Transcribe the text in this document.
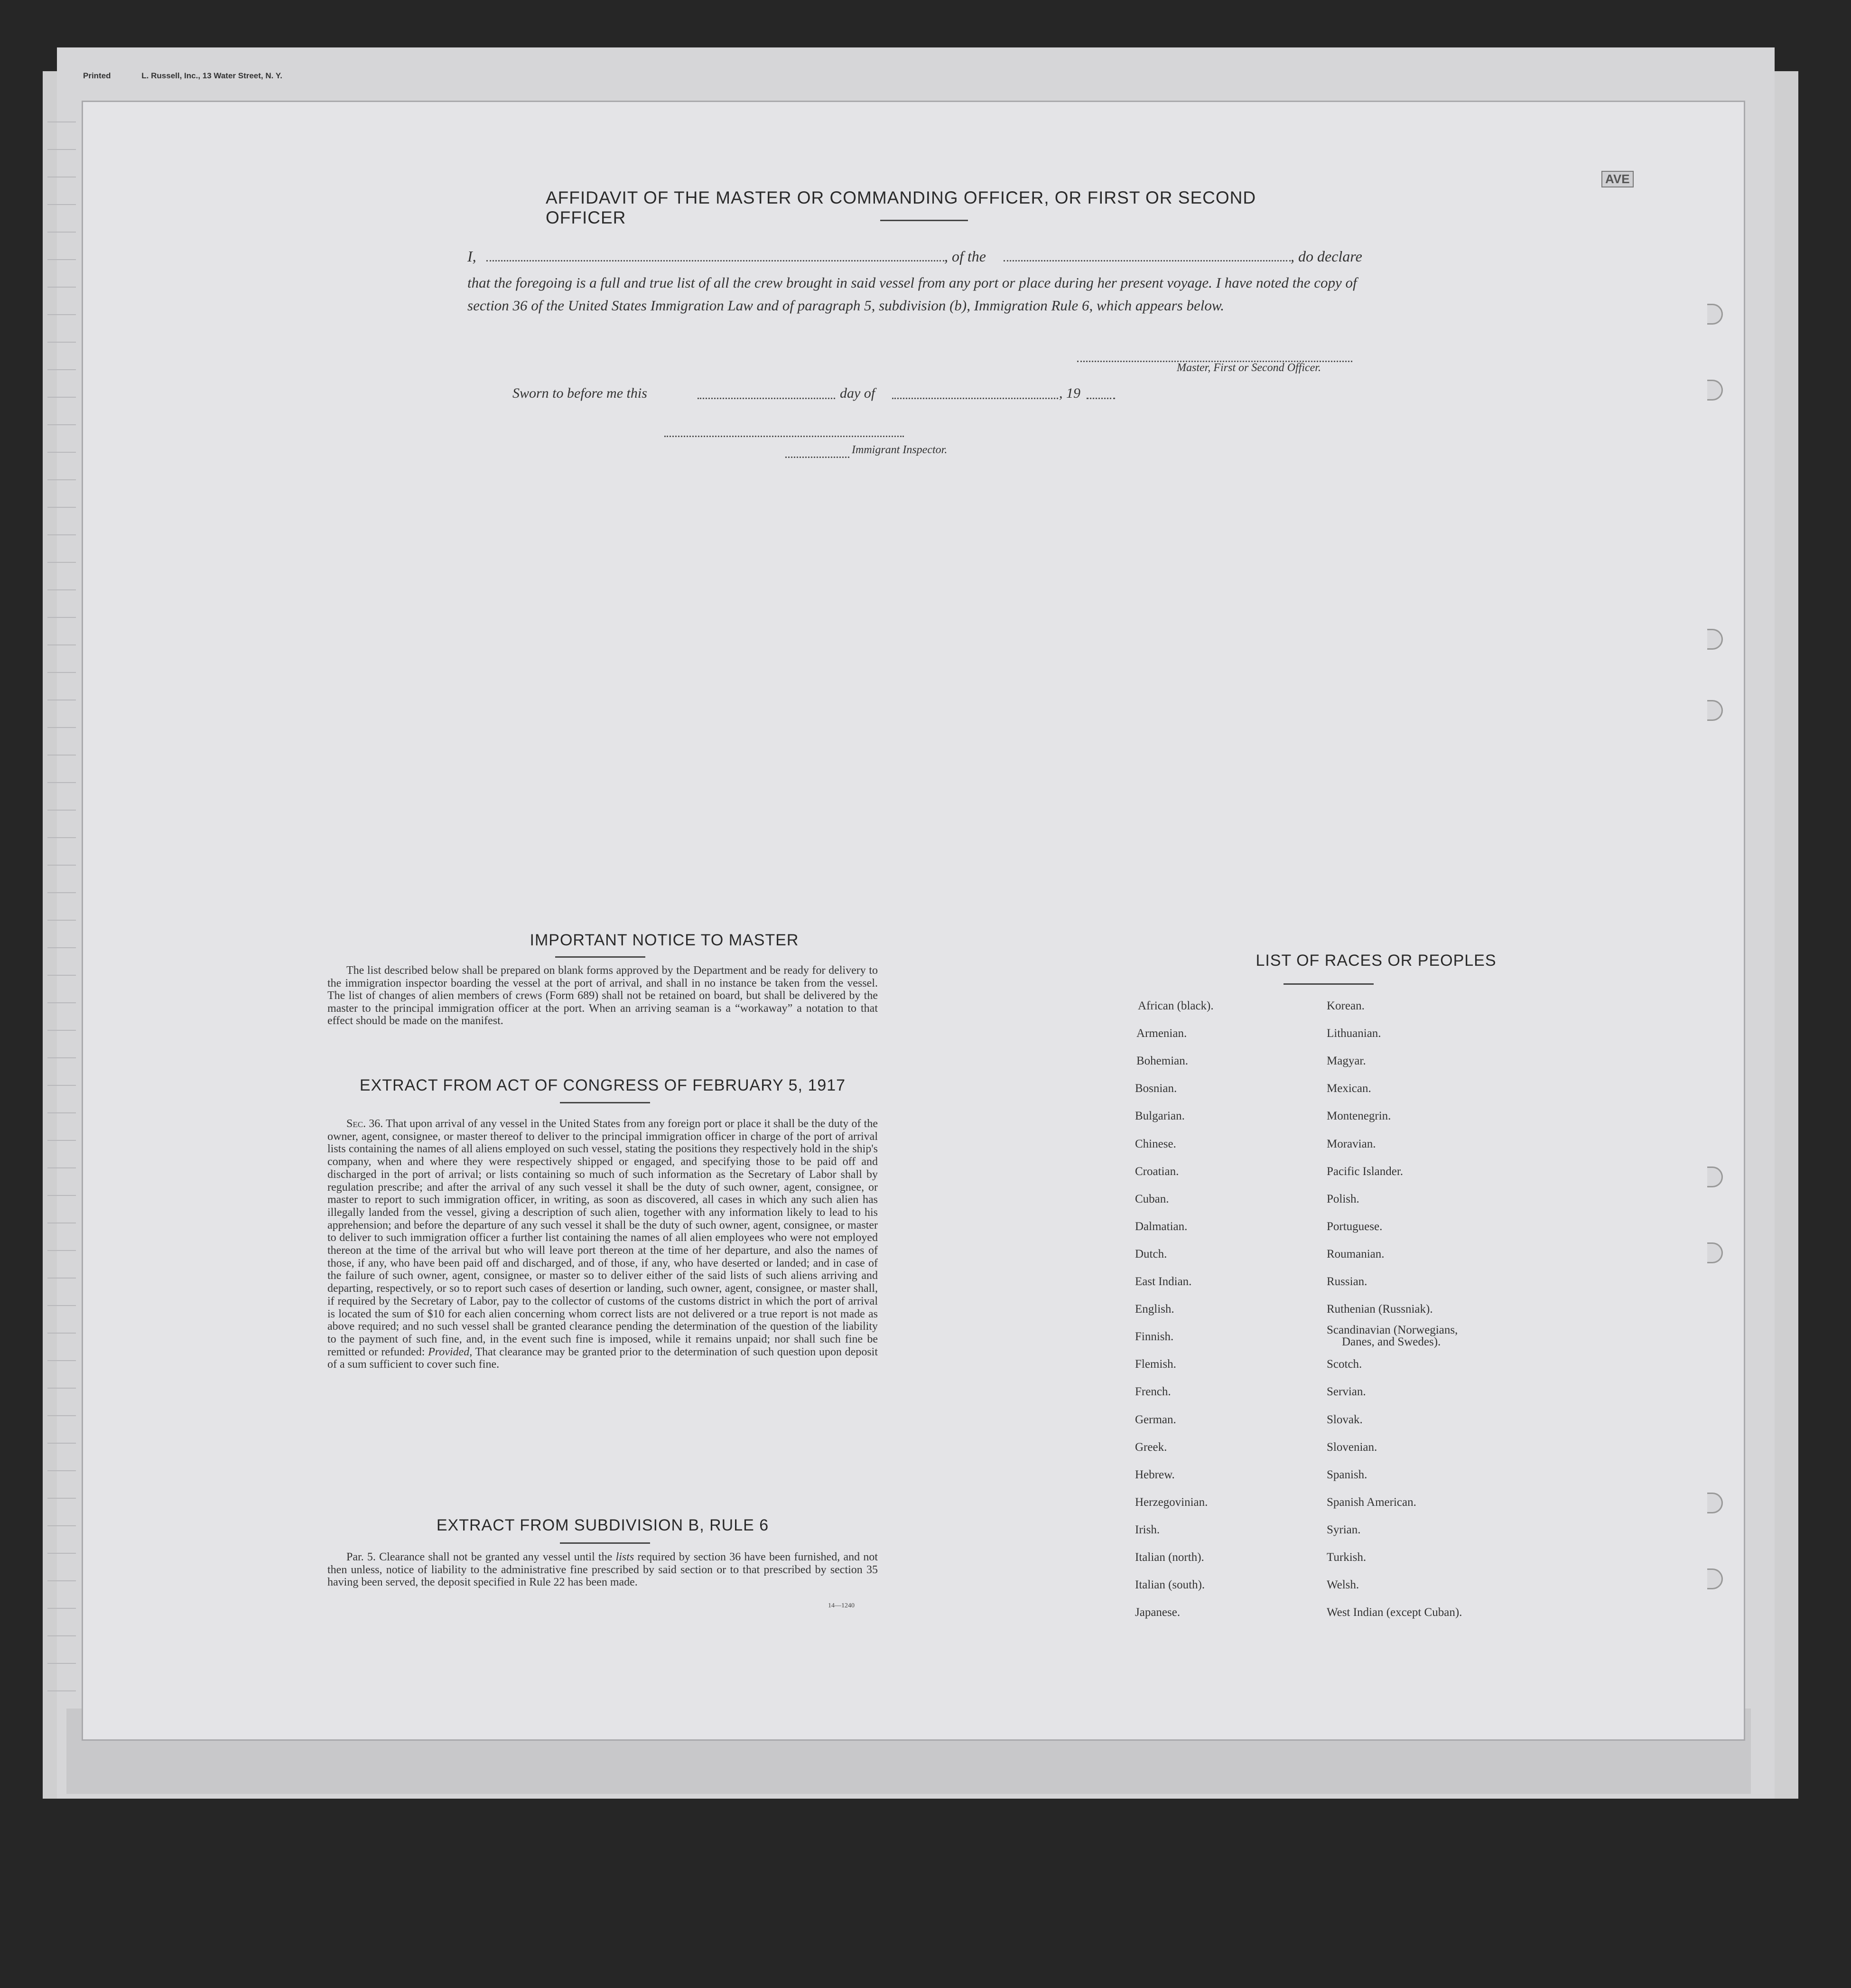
Printed	L. Russell, Inc., 13 Water Street, N. Y.
AVE
AFFIDAVIT OF THE MASTER OR COMMANDING OFFICER, OR FIRST OR SECOND OFFICER
I,	, of the	, do declare
that the foregoing is a full and true list of all the crew brought in said vessel from any port or place during her present voyage. I have noted the copy of section 36 of the United States Immigration Law and of paragraph 5, subdivision (b), Immigration Rule 6, which appears below.
Master, First or Second Officer.
Sworn to before me this	day of	, 19
Immigrant Inspector.
IMPORTANT NOTICE TO MASTER
The list described below shall be prepared on blank forms approved by the Department and be ready for delivery to the immigration inspector boarding the vessel at the port of arrival, and shall in no instance be taken from the vessel. The list of changes of alien members of crews (Form 689) shall not be retained on board, but shall be delivered by the master to the principal immigration officer at the port. When an arriving seaman is a “workaway” a notation to that effect should be made on the manifest.
EXTRACT FROM ACT OF CONGRESS OF FEBRUARY 5, 1917
Sec. 36. That upon arrival of any vessel in the United States from any foreign port or place it shall be the duty of the owner, agent, consignee, or master thereof to deliver to the principal immigration officer in charge of the port of arrival lists containing the names of all aliens employed on such vessel, stating the positions they respectively hold in the ship's company, when and where they were respectively shipped or engaged, and specifying those to be paid off and discharged in the port of arrival; or lists containing so much of such information as the Secretary of Labor shall by regulation prescribe; and after the arrival of any such vessel it shall be the duty of such owner, agent, consignee, or master to report to such immigration officer, in writing, as soon as discovered, all cases in which any such alien has illegally landed from the vessel, giving a description of such alien, together with any information likely to lead to his apprehension; and before the departure of any such vessel it shall be the duty of such owner, agent, consignee, or master to deliver to such immigration officer a further list containing the names of all alien employees who were not employed thereon at the time of the arrival but who will leave port thereon at the time of her departure, and also the names of those, if any, who have been paid off and discharged, and of those, if any, who have deserted or landed; and in case of the failure of such owner, agent, consignee, or master so to deliver either of the said lists of such aliens arriving and departing, respectively, or so to report such cases of desertion or landing, such owner, agent, consignee, or master shall, if required by the Secretary of Labor, pay to the collector of customs of the customs district in which the port of arrival is located the sum of $10 for each alien concerning whom correct lists are not delivered or a true report is not made as above required; and no such vessel shall be granted clearance pending the determination of the question of the liability to the payment of such fine, and, in the event such fine is imposed, while it remains unpaid; nor shall such fine be remitted or refunded: Provided, That clearance may be granted prior to the determination of such question upon deposit of a sum sufficient to cover such fine.
EXTRACT FROM SUBDIVISION B, RULE 6
Par. 5. Clearance shall not be granted any vessel until the lists required by section 36 have been furnished, and not then unless, notice of liability to the administrative fine prescribed by said section or to that prescribed by section 35 having been served, the deposit specified in Rule 22 has been made.
14—1240
LIST OF RACES OR PEOPLES
African (black).
Armenian.
Bohemian.
Bosnian.
Bulgarian.
Chinese.
Croatian.
Cuban.
Dalmatian.
Dutch.
East Indian.
English.
Finnish.
Flemish.
French.
German.
Greek.
Hebrew.
Herzegovinian.
Irish.
Italian (north).
Italian (south).
Japanese.
Korean.
Lithuanian.
Magyar.
Mexican.
Montenegrin.
Moravian.
Pacific Islander.
Polish.
Portuguese.
Roumanian.
Russian.
Ruthenian (Russniak).
Scandinavian (Norwegians,
Danes, and Swedes).
Scotch.
Servian.
Slovak.
Slovenian.
Spanish.
Spanish American.
Syrian.
Turkish.
Welsh.
West Indian (except Cuban).
